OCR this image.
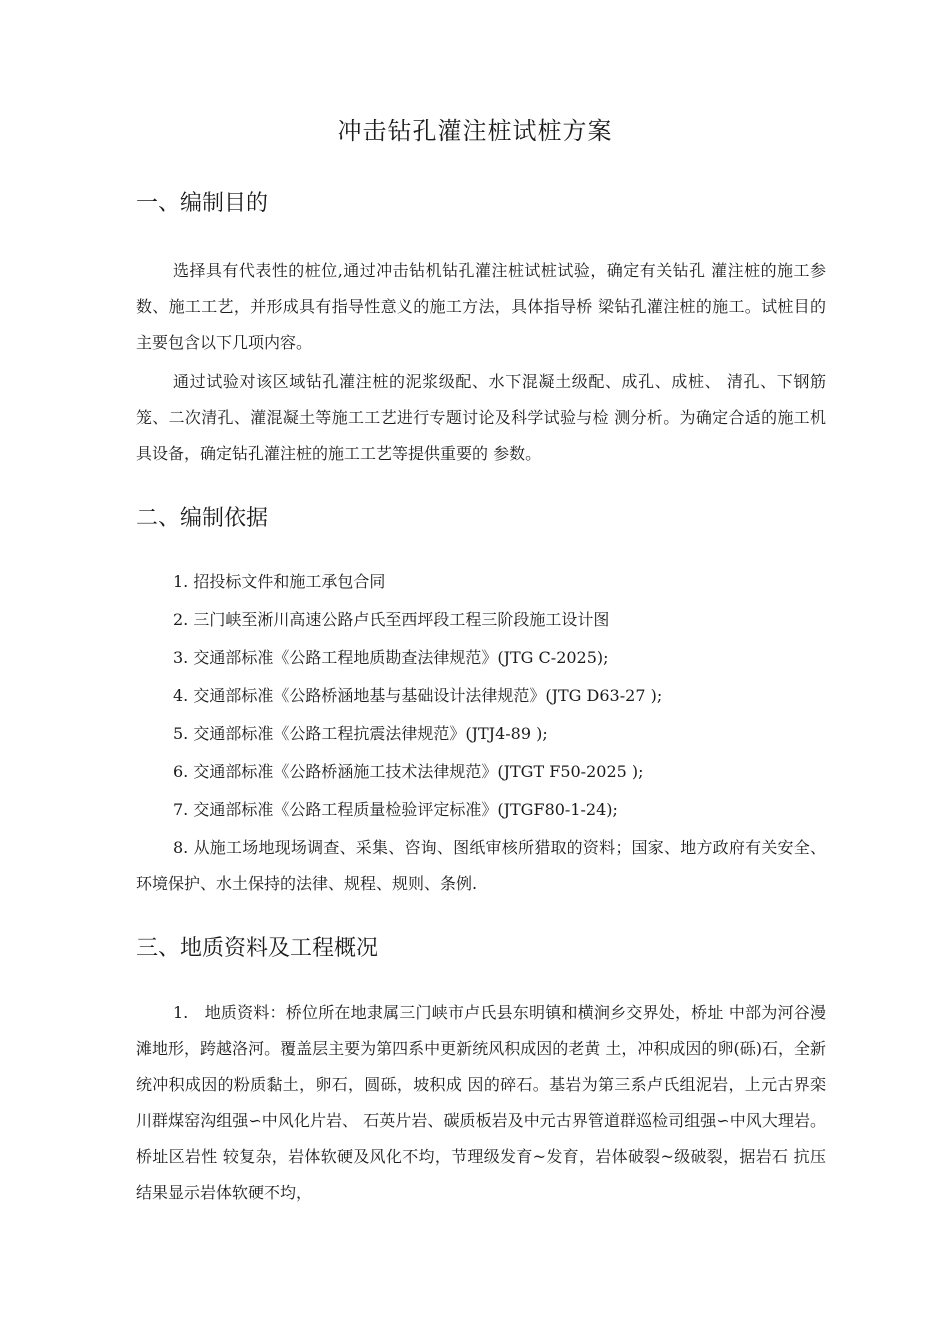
冲击钻孔灌注桩试桩方案
一、编制目的

选择具有代表性的桩位,通过冲击钻机钻孔灌注桩试桩试验，确定有关钻孔 灌注桩的施工参数、施工工艺，并形成具有指导性意义的施工方法，具体指导桥 梁钻孔灌注桩的施工。试桩目的主要包含以下几项内容。

通过试验对该区域钻孔灌注桩的泥浆级配、水下混凝土级配、成孔、成桩、 清孔、下钢筋笼、二次清孔、灌混凝土等施工工艺进行专题讨论及科学试验与检 测分析。为确定合适的施工机具设备，确定钻孔灌注桩的施工工艺等提供重要的 参数。

二、编制依据

1. 招投标文件和施工承包合同

2. 三门峡至淅川高速公路卢氏至西坪段工程三阶段施工设计图

3. 交通部标准《公路工程地质勘查法律规范》(JTG C-2025);

4. 交通部标准《公路桥涵地基与基础设计法律规范》(JTG D63-27 );

5. 交通部标准《公路工程抗震法律规范》(JTJ4-89 );

6. 交通部标准《公路桥涵施工技术法律规范》(JTGT F50-2025 );

7. 交通部标准《公路工程质量检验评定标准》(JTGF80-1-24);

8. 从施工场地现场调查、采集、咨询、图纸审核所猎取的资料；国家、地方政府有关安全、环境保护、水土保持的法律、规程、规则、条例.

三、地质资料及工程概况

1.　地质资料：桥位所在地隶属三门峡市卢氏县东明镇和横涧乡交界处，桥址 中部为河谷漫滩地形，跨越洛河。覆盖层主要为第四系中更新统风积成因的老黄 土，冲积成因的卵(砾)石，全新统冲积成因的粉质黏土，卵石，圆砾，坡积成 因的碎石。基岩为第三系卢氏组泥岩，上元古界栾川群煤窑沟组强∽中风化片岩、 石英片岩、碳质板岩及中元古界管道群巡检司组强∽中风大理岩。桥址区岩性 较复杂，岩体软硬及风化不均，节理级发育~发育，岩体破裂~级破裂，据岩石 抗压结果显示岩体软硬不均，
